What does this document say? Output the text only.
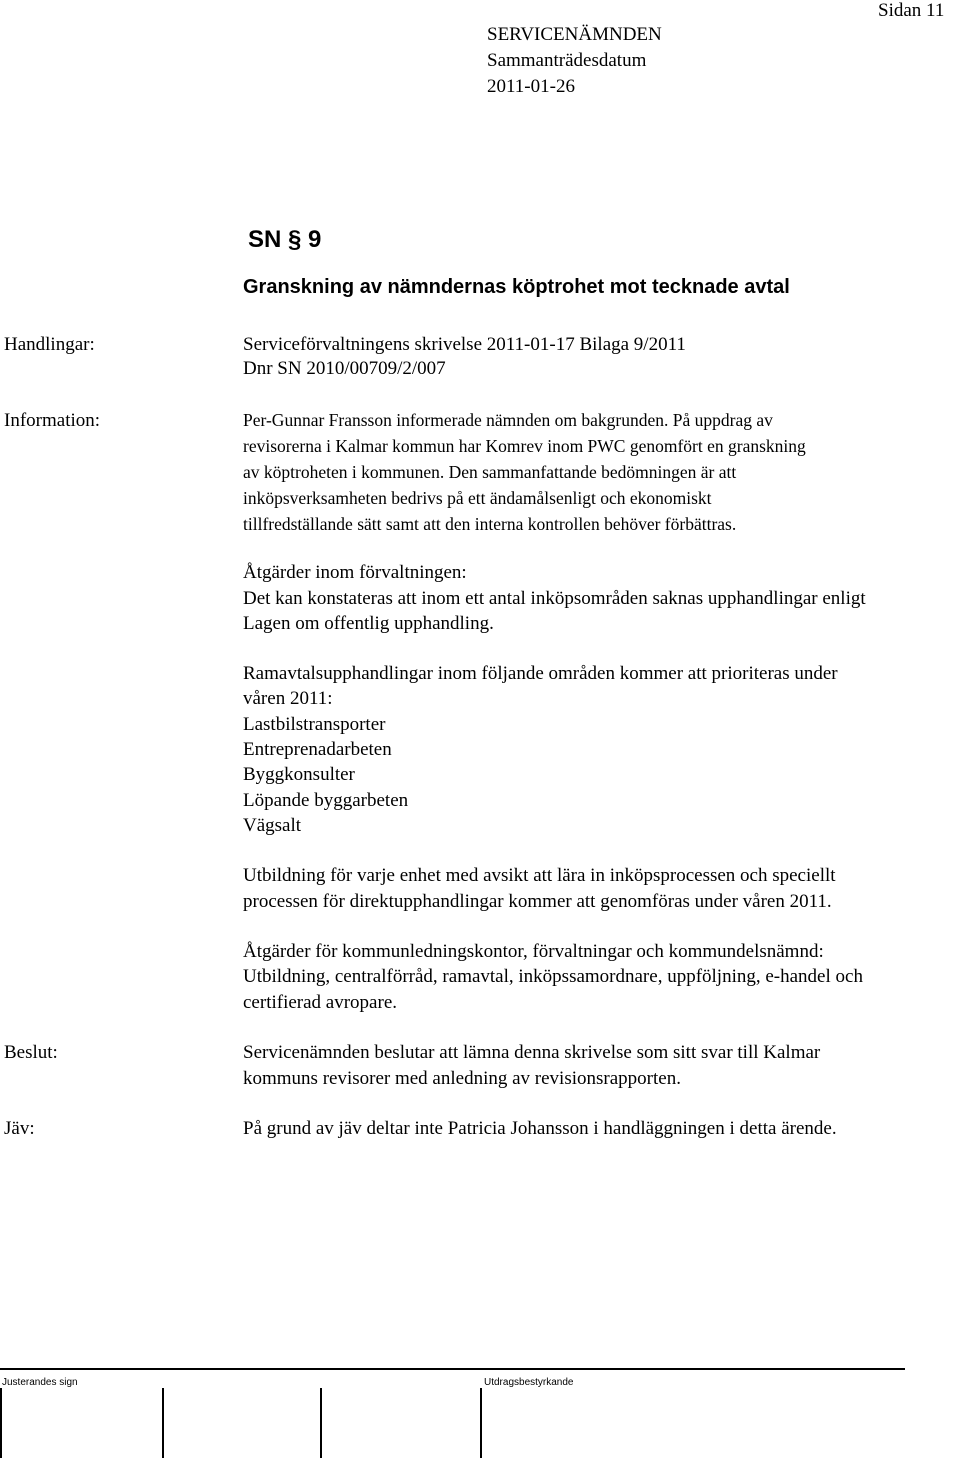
Sidan 11
SERVICENÄMNDEN
Sammanträdesdatum
2011-01-26
SN § 9
Granskning av nämndernas köptrohet mot tecknade avtal
Handlingar:	Serviceförvaltningens skrivelse 2011-01-17 Bilaga 9/2011
Dnr SN 2010/00709/2/007
Information:	Per-Gunnar Fransson informerade nämnden om bakgrunden. På uppdrag av
revisorerna i Kalmar kommun har Komrev inom PWC genomfört en granskning
av köptroheten i kommunen. Den sammanfattande bedömningen är att
inköpsverksamheten bedrivs på ett ändamålsenligt och ekonomiskt
tillfredställande sätt samt att den interna kontrollen behöver förbättras.
Åtgärder inom förvaltningen:
Det kan konstateras att inom ett antal inköpsområden saknas upphandlingar enligt
Lagen om offentlig upphandling.
Ramavtalsupphandlingar inom följande områden kommer att prioriteras under
våren 2011:
Lastbilstransporter
Entreprenadarbeten
Byggkonsulter
Löpande byggarbeten
Vägsalt
Utbildning för varje enhet med avsikt att lära in inköpsprocessen och speciellt
processen för direktupphandlingar kommer att genomföras under våren 2011.
Åtgärder för kommunledningskontor, förvaltningar och kommundelsnämnd:
Utbildning, centralförråd, ramavtal, inköpssamordnare, uppföljning, e-handel och
certifierad avropare.
Beslut:	Servicenämnden beslutar att lämna denna skrivelse som sitt svar till Kalmar
kommuns revisorer med anledning av revisionsrapporten.
Jäv:	På grund av jäv deltar inte Patricia Johansson i handläggningen i detta ärende.
Justerandes sign	Utdragsbestyrkande
